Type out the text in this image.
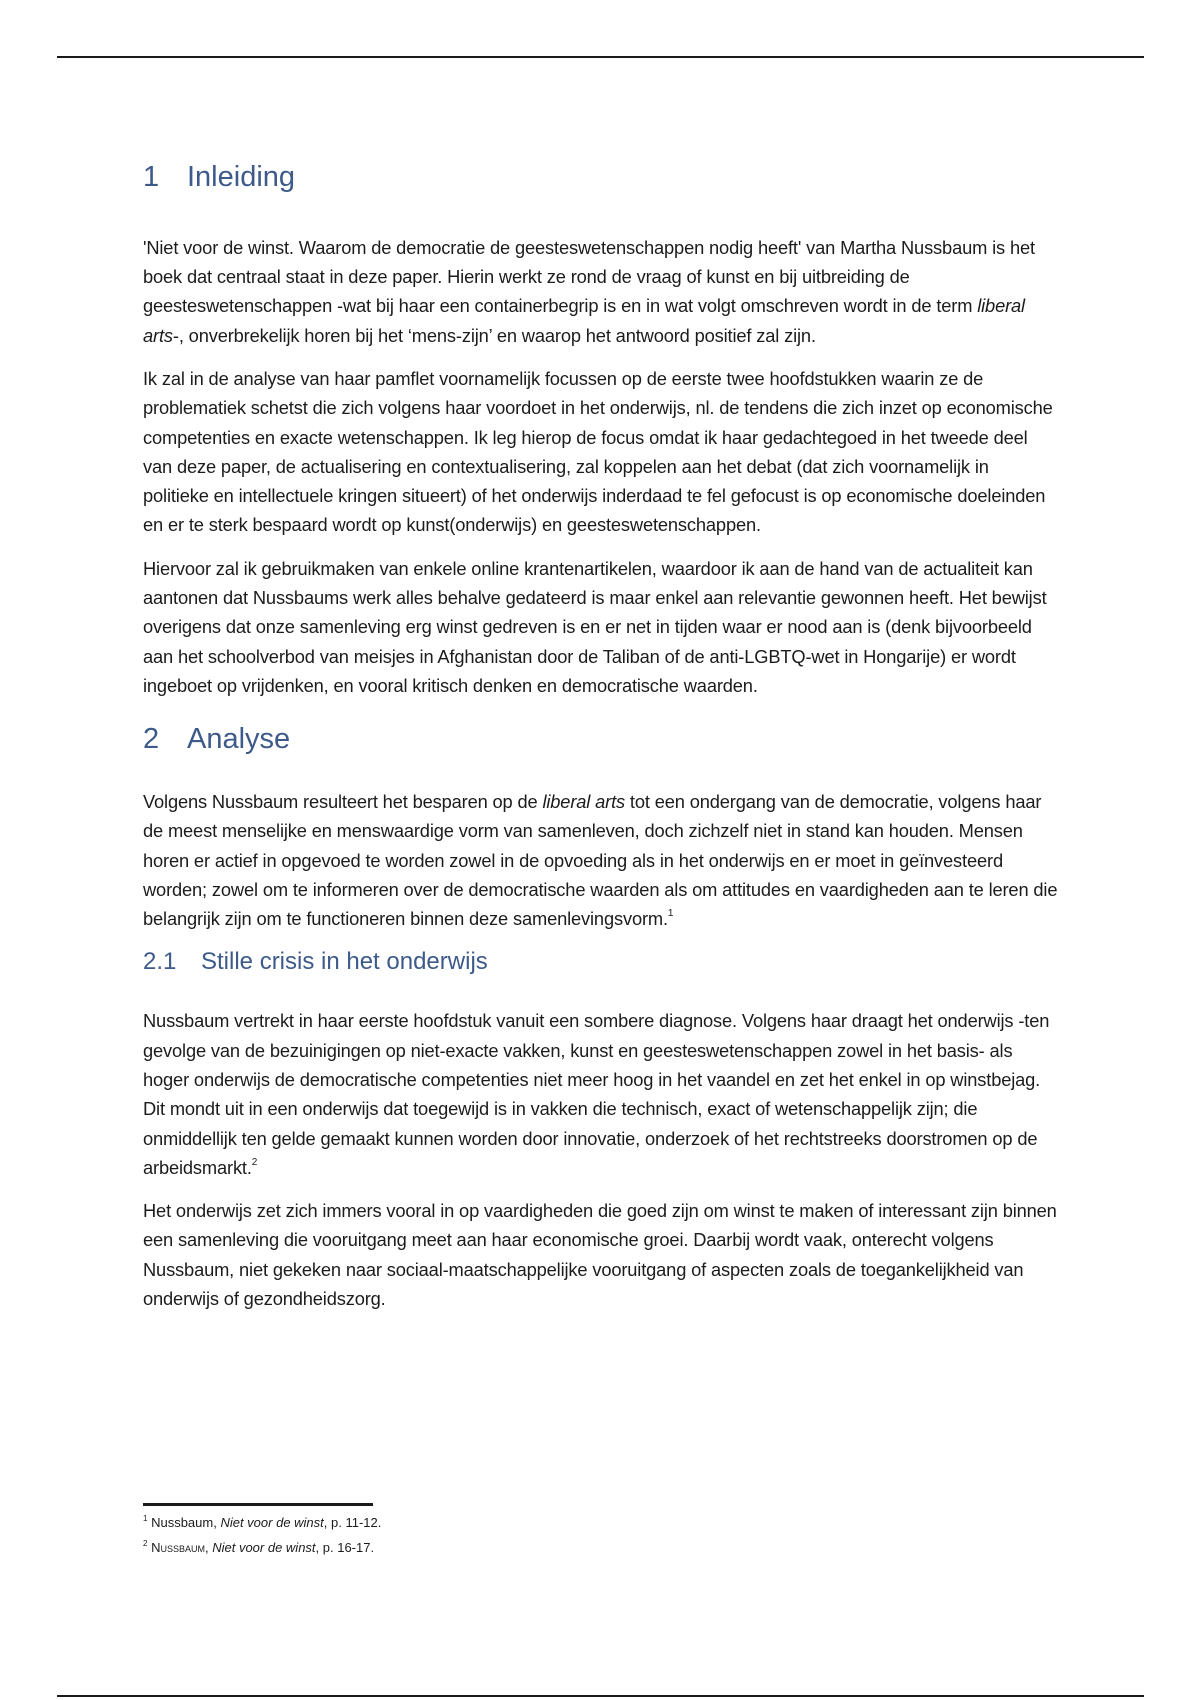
1 Inleiding

'Niet voor de winst. Waarom de democratie de geesteswetenschappen nodig heeft' van Martha Nussbaum is het boek dat centraal staat in deze paper. Hierin werkt ze rond de vraag of kunst en bij uitbreiding de geesteswetenschappen -wat bij haar een containerbegrip is en in wat volgt omschreven wordt in de term liberal arts-, onverbrekelijk horen bij het ‘mens-zijn’ en waarop het antwoord positief zal zijn.

Ik zal in de analyse van haar pamflet voornamelijk focussen op de eerste twee hoofdstukken waarin ze de problematiek schetst die zich volgens haar voordoet in het onderwijs, nl. de tendens die zich inzet op economische competenties en exacte wetenschappen. Ik leg hierop de focus omdat ik haar gedachtegoed in het tweede deel van deze paper, de actualisering en contextualisering, zal koppelen aan het debat (dat zich voornamelijk in politieke en intellectuele kringen situeert) of het onderwijs inderdaad te fel gefocust is op economische doeleinden en er te sterk bespaard wordt op kunst(onderwijs) en geesteswetenschappen.

Hiervoor zal ik gebruikmaken van enkele online krantenartikelen, waardoor ik aan de hand van de actualiteit kan aantonen dat Nussbaums werk alles behalve gedateerd is maar enkel aan relevantie gewonnen heeft. Het bewijst overigens dat onze samenleving erg winst gedreven is en er net in tijden waar er nood aan is (denk bijvoorbeeld aan het schoolverbod van meisjes in Afghanistan door de Taliban of de anti-LGBTQ-wet in Hongarije) er wordt ingeboet op vrijdenken, en vooral kritisch denken en democratische waarden.

2 Analyse

Volgens Nussbaum resulteert het besparen op de liberal arts tot een ondergang van de democratie, volgens haar de meest menselijke en menswaardige vorm van samenleven, doch zichzelf niet in stand kan houden. Mensen horen er actief in opgevoed te worden zowel in de opvoeding als in het onderwijs en er moet in geïnvesteerd worden; zowel om te informeren over de democratische waarden als om attitudes en vaardigheden aan te leren die belangrijk zijn om te functioneren binnen deze samenlevingsvorm.$^1$

2.1	Stille crisis in het onderwijs

Nussbaum vertrekt in haar eerste hoofdstuk vanuit een sombere diagnose. Volgens haar draagt het onderwijs -ten gevolge van de bezuinigingen op niet-exacte vakken, kunst en geesteswetenschappen zowel in het basis- als hoger onderwijs de democratische competenties niet meer hoog in het vaandel en zet het enkel in op winstbejag. Dit mondt uit in een onderwijs dat toegewijd is in vakken die technisch, exact of wetenschappelijk zijn; die onmiddellijk ten gelde gemaakt kunnen worden door innovatie, onderzoek of het rechtstreeks doorstromen op de arbeidsmarkt.$^2$

Het onderwijs zet zich immers vooral in op vaardigheden die goed zijn om winst te maken of interessant zijn binnen een samenleving die vooruitgang meet aan haar economische groei. Daarbij wordt vaak, onterecht volgens Nussbaum, niet gekeken naar sociaal-maatschappelijke vooruitgang of aspecten zoals de toegankelijkheid van onderwijs of gezondheidszorg.

$^1$ Nussbaum, Niet voor de winst, p. 11-12.
$^2$ Nussbaum, Niet voor de winst, p. 16-17.
